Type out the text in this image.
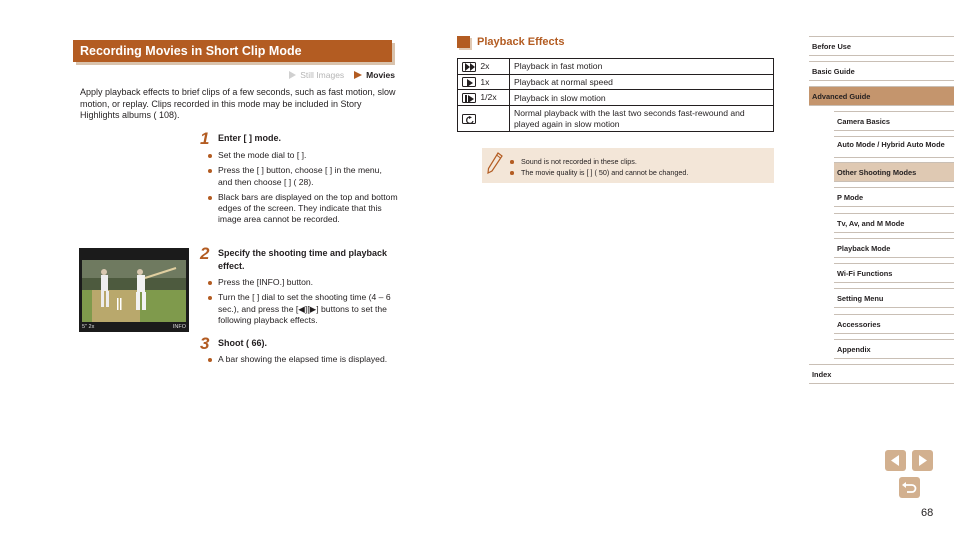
Recording Movies in Short Clip Mode
Still Images	Movies

Apply playback effects to brief clips of a few seconds, such as fast motion, slow motion, or replay. Clips recorded in this mode may be included in Story Highlights albums ( 108).

1 Enter [ ] mode.
Set the mode dial to [ ].
Press the [ ] button, choose [ ] in the menu, and then choose [ ] ( 28).
Black bars are displayed on the top and bottom edges of the screen. They indicate that this image area cannot be recorded.
2 Specify the shooting time and playback effect.
Press the [INFO.] button.
Turn the [ ] dial to set the shooting time (4 – 6 sec.), and press the [◀][▶] buttons to set the following playback effects.
3 Shoot ( 66).
A bar showing the elapsed time is displayed.
5" 2x	INFO
Playback Effects
2x	Playback in fast motion

1x	Playback at normal speed

1/2x	Playback in slow motion

	Normal playback with the last two seconds fast-rewound and played again in slow motion
Sound is not recorded in these clips.
The movie quality is [ ] ( 50) and cannot be changed.
Before Use
Basic Guide
Advanced Guide
Camera Basics
Auto Mode / Hybrid Auto Mode
Other Shooting Modes
P Mode
Tv, Av, and M Mode
Playback Mode
Wi-Fi Functions
Setting Menu
Accessories
Appendix
Index
68
